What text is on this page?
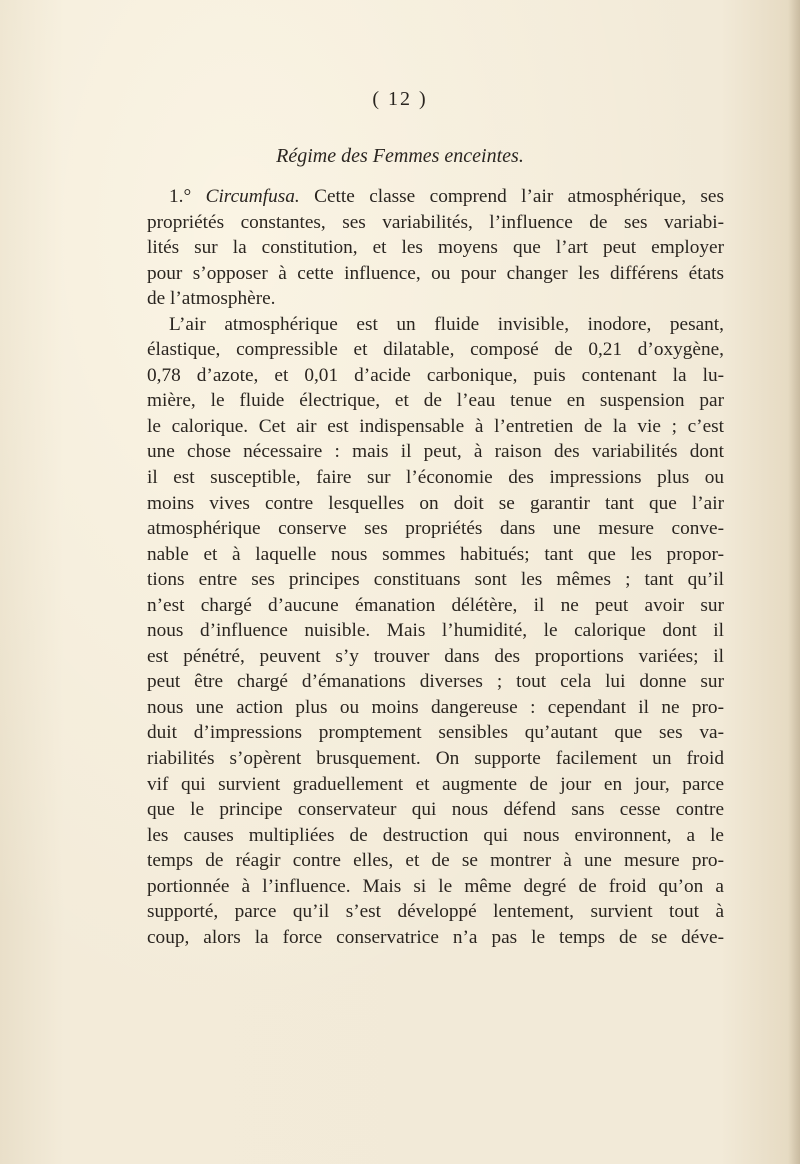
( 12 )
Régime des Femmes enceintes.
1.° Circumfusa. Cette classe comprend l’air atmosphérique, ses
propriétés constantes, ses variabilités, l’influence de ses variabi-
lités sur la constitution, et les moyens que l’art peut employer
pour s’opposer à cette influence, ou pour changer les différens états
de l’atmosphère.
L’air atmosphérique est un fluide invisible, inodore, pesant,
élastique, compressible et dilatable, composé de 0,21 d’oxygène,
0,78 d’azote, et 0,01 d’acide carbonique, puis contenant la lu-
mière, le fluide électrique, et de l’eau tenue en suspension par
le calorique. Cet air est indispensable à l’entretien de la vie ; c’est
une chose nécessaire : mais il peut, à raison des variabilités dont
il est susceptible, faire sur l’économie des impressions plus ou
moins vives contre lesquelles on doit se garantir tant que l’air
atmosphérique conserve ses propriétés dans une mesure conve-
nable et à laquelle nous sommes habitués; tant que les propor-
tions entre ses principes constituans sont les mêmes ; tant qu’il
n’est chargé d’aucune émanation délétère, il ne peut avoir sur
nous d’influence nuisible. Mais l’humidité, le calorique dont il
est pénétré, peuvent s’y trouver dans des proportions variées; il
peut être chargé d’émanations diverses ; tout cela lui donne sur
nous une action plus ou moins dangereuse : cependant il ne pro-
duit d’impressions promptement sensibles qu’autant que ses va-
riabilités s’opèrent brusquement. On supporte facilement un froid
vif qui survient graduellement et augmente de jour en jour, parce
que le principe conservateur qui nous défend sans cesse contre
les causes multipliées de destruction qui nous environnent, a le
temps de réagir contre elles, et de se montrer à une mesure pro-
portionnée à l’influence. Mais si le même degré de froid qu’on a
supporté, parce qu’il s’est développé lentement, survient tout à
coup, alors la force conservatrice n’a pas le temps de se déve-
